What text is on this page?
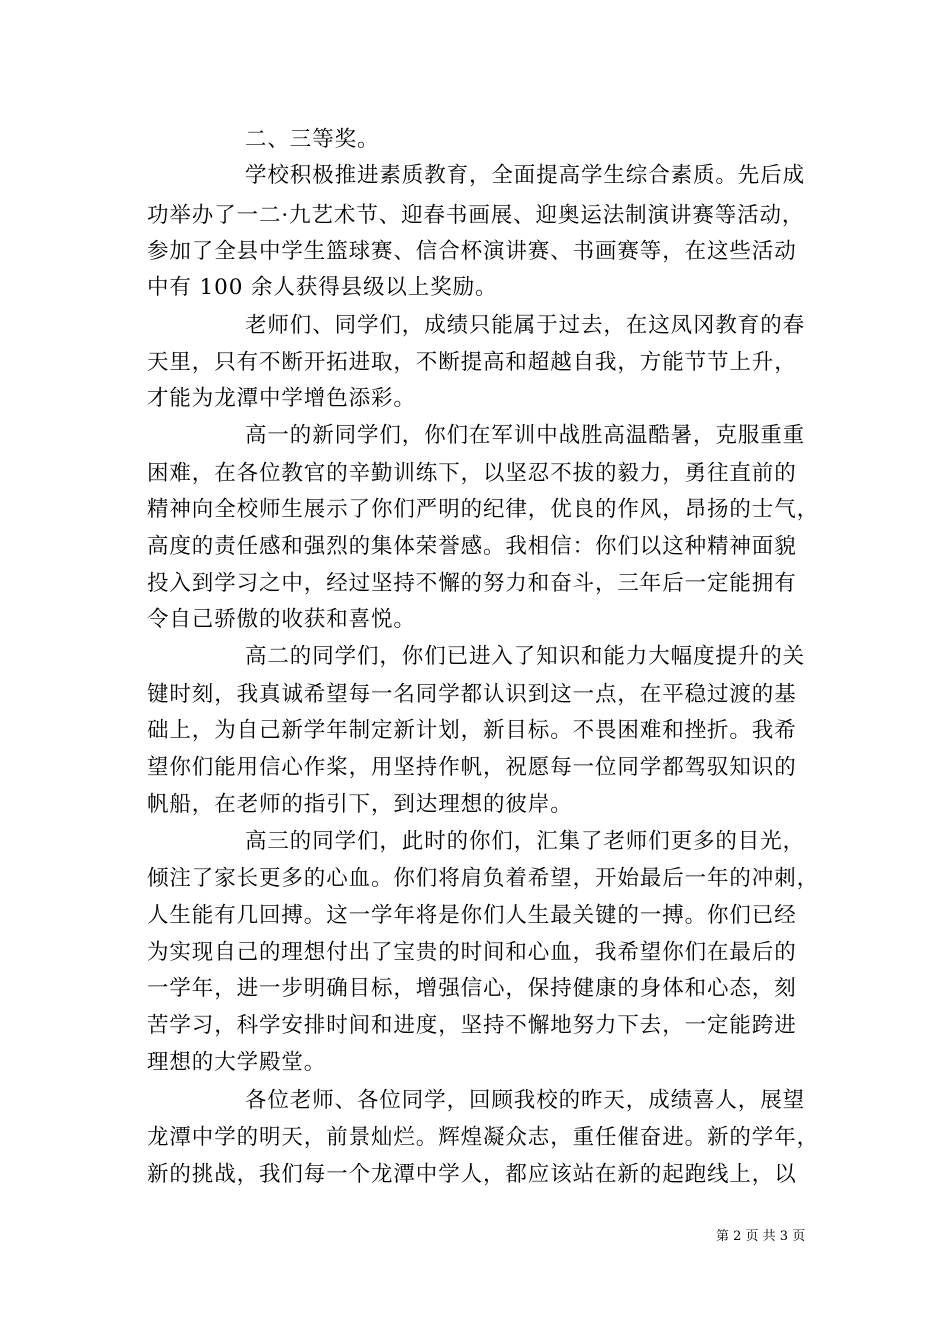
二、三等奖。

学校积极推进素质教育，全面提高学生综合素质。先后成

功举办了一二·九艺术节、迎春书画展、迎奥运法制演讲赛等活动，

参加了全县中学生篮球赛、信合杯演讲赛、书画赛等，在这些活动

中有 100 余人获得县级以上奖励。

老师们、同学们，成绩只能属于过去，在这凤冈教育的春

天里，只有不断开拓进取，不断提高和超越自我，方能节节上升，

才能为龙潭中学增色添彩。

高一的新同学们，你们在军训中战胜高温酷暑，克服重重

困难，在各位教官的辛勤训练下，以坚忍不拔的毅力，勇往直前的

精神向全校师生展示了你们严明的纪律，优良的作风，昂扬的士气，

高度的责任感和强烈的集体荣誉感。我相信：你们以这种精神面貌

投入到学习之中，经过坚持不懈的努力和奋斗，三年后一定能拥有

令自己骄傲的收获和喜悦。

高二的同学们，你们已进入了知识和能力大幅度提升的关

键时刻，我真诚希望每一名同学都认识到这一点，在平稳过渡的基

础上，为自己新学年制定新计划，新目标。不畏困难和挫折。我希

望你们能用信心作桨，用坚持作帆，祝愿每一位同学都驾驭知识的

帆船，在老师的指引下，到达理想的彼岸。

高三的同学们，此时的你们，汇集了老师们更多的目光，

倾注了家长更多的心血。你们将肩负着希望，开始最后一年的冲刺，

人生能有几回搏。这一学年将是你们人生最关键的一搏。你们已经

为实现自己的理想付出了宝贵的时间和心血，我希望你们在最后的

一学年，进一步明确目标，增强信心，保持健康的身体和心态，刻

苦学习，科学安排时间和进度，坚持不懈地努力下去，一定能跨进

理想的大学殿堂。

各位老师、各位同学，回顾我校的昨天，成绩喜人，展望

龙潭中学的明天，前景灿烂。辉煌凝众志，重任催奋进。新的学年，

新的挑战，我们每一个龙潭中学人，都应该站在新的起跑线上，以

第 2 页 共 3 页
